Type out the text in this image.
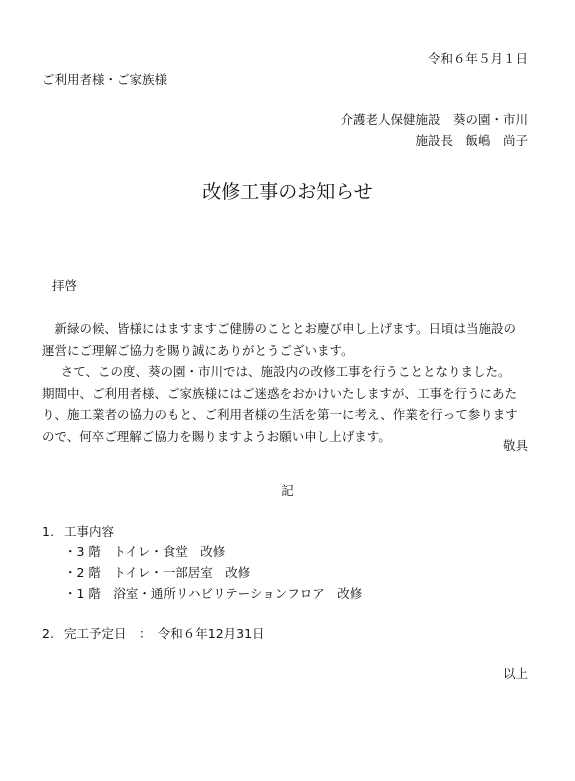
令和６年５月１日
ご利用者様・ご家族様
介護老人保健施設　葵の園・市川
施設長　飯嶋　尚子
改修工事のお知らせ
拝啓

新緑の候、皆様にはますますご健勝のこととお慶び申し上げます。日頃は当施設の運営にご理解ご協力を賜り誠にありがとうございます。

さて、この度、葵の園・市川では、施設内の改修工事を行うこととなりました。

期間中、ご利用者様、ご家族様にはご迷惑をおかけいたしますが、工事を行うにあたり、施工業者の協力のもと、ご利用者様の生活を第一に考え、作業を行って参りますので、何卒ご理解ご協力を賜りますようお願い申し上げます。

敬具
記
1. 工事内容
・3 階　トイレ・食堂　改修
・2 階　トイレ・一部居室　改修
・1 階　浴室・通所リハビリテーションフロア　改修
2. 完工予定日　：　令和６年12月31日
以上
